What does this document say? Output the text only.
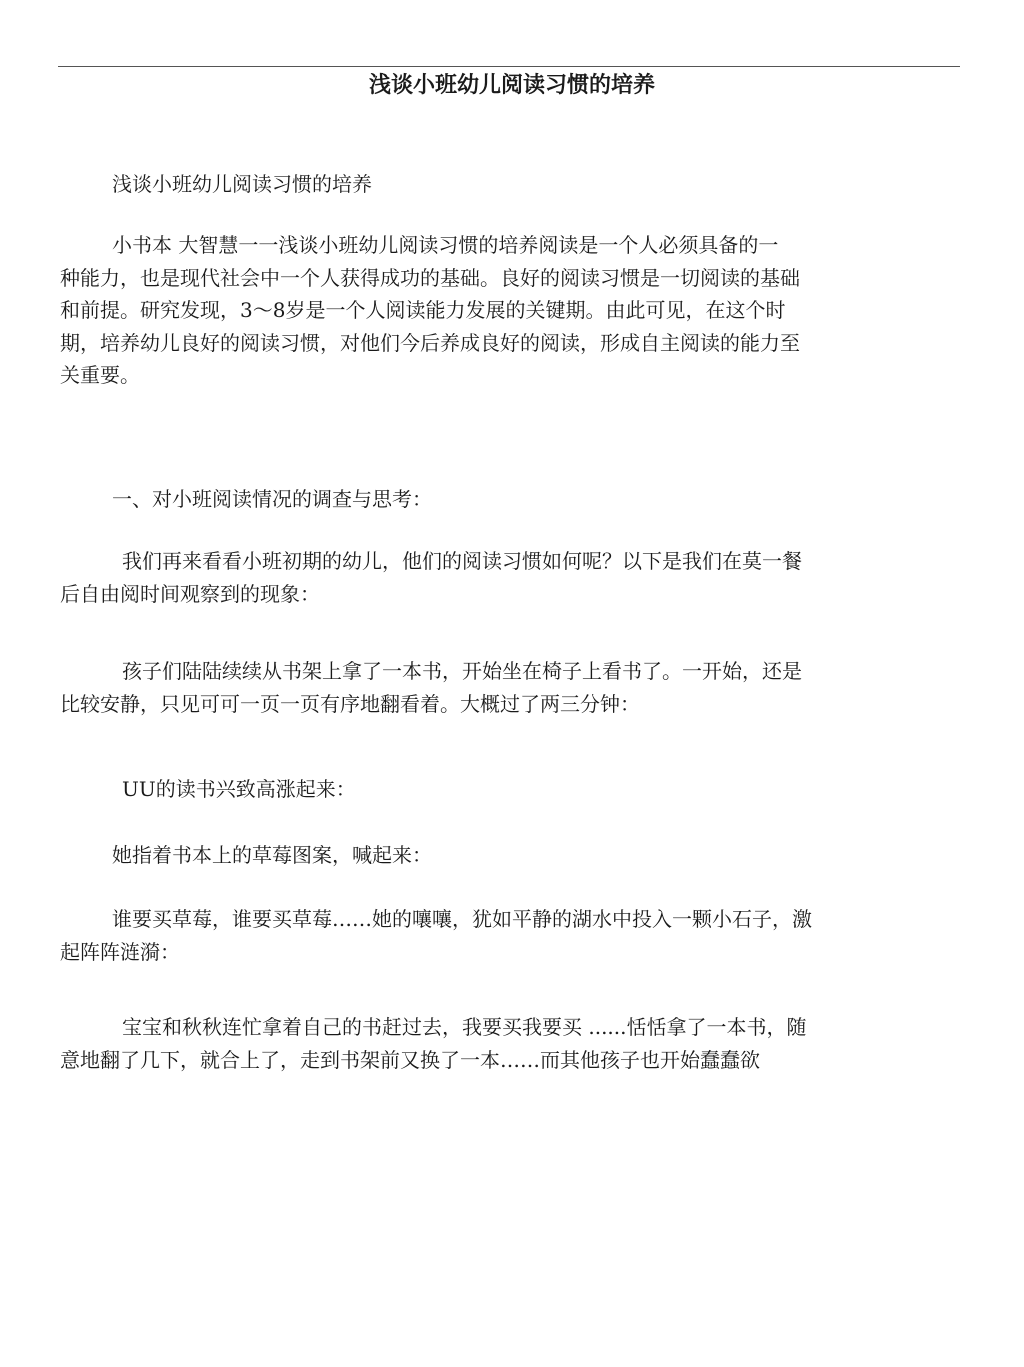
浅谈小班幼儿阅读习惯的培养
浅谈小班幼儿阅读习惯的培养
小书本 大智慧一一浅谈小班幼儿阅读习惯的培养阅读是一个人必须具备的一
种能力，也是现代社会中一个人获得成功的基础。良好的阅读习惯是一切阅读的基础
和前提。研究发现，3～8岁是一个人阅读能力发展的关键期。由此可见，在这个时
期，培养幼儿良好的阅读习惯，对他们今后养成良好的阅读，形成自主阅读的能力至
关重要。
一、对小班阅读情况的调查与思考：
我们再来看看小班初期的幼儿，他们的阅读习惯如何呢？以下是我们在莫一餐
后自由阅时间观察到的现象：
孩子们陆陆续续从书架上拿了一本书，开始坐在椅子上看书了。一开始，还是
比较安静，只见可可一页一页有序地翻看着。大概过了两三分钟：
UU的读书兴致高涨起来：
她指着书本上的草莓图案，喊起来：
谁要买草莓，谁要买草莓……她的嚷嚷，犹如平静的湖水中投入一颗小石子，激
起阵阵涟漪：
宝宝和秋秋连忙拿着自己的书赶过去，我要买我要买 ......恬恬拿了一本书，随
意地翻了几下，就合上了，走到书架前又换了一本……而其他孩子也开始蠢蠢欲
